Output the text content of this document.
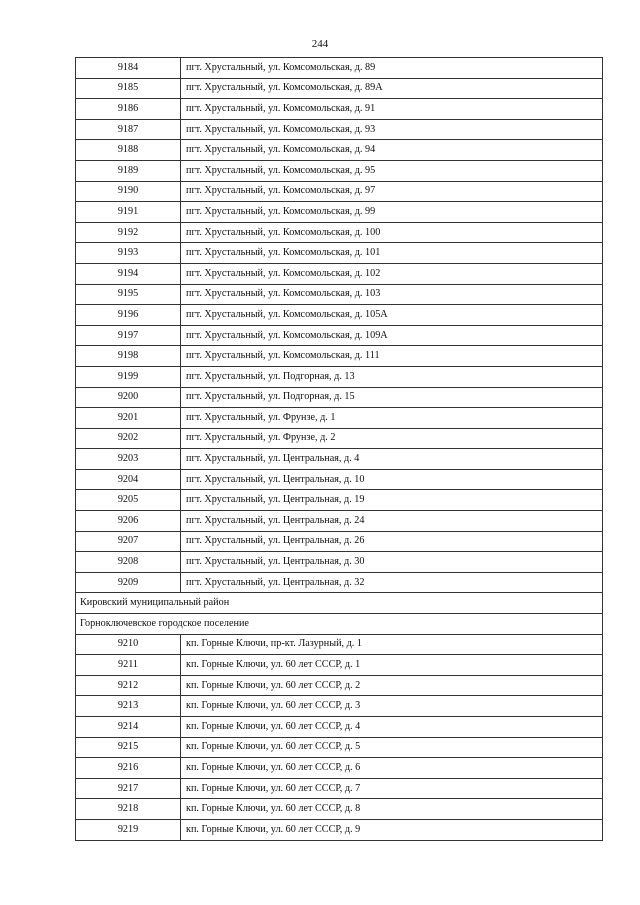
244
9184	пгт. Хрустальный, ул. Комсомольская, д. 89
9185	пгт. Хрустальный, ул. Комсомольская, д. 89А
9186	пгт. Хрустальный, ул. Комсомольская, д. 91
9187	пгт. Хрустальный, ул. Комсомольская, д. 93
9188	пгт. Хрустальный, ул. Комсомольская, д. 94
9189	пгт. Хрустальный, ул. Комсомольская, д. 95
9190	пгт. Хрустальный, ул. Комсомольская, д. 97
9191	пгт. Хрустальный, ул. Комсомольская, д. 99
9192	пгт. Хрустальный, ул. Комсомольская, д. 100
9193	пгт. Хрустальный, ул. Комсомольская, д. 101
9194	пгт. Хрустальный, ул. Комсомольская, д. 102
9195	пгт. Хрустальный, ул. Комсомольская, д. 103
9196	пгт. Хрустальный, ул. Комсомольская, д. 105А
9197	пгт. Хрустальный, ул. Комсомольская, д. 109А
9198	пгт. Хрустальный, ул. Комсомольская, д. 111
9199	пгт. Хрустальный, ул. Подгорная, д. 13
9200	пгт. Хрустальный, ул. Подгорная, д. 15
9201	пгт. Хрустальный, ул. Фрунзе, д. 1
9202	пгт. Хрустальный, ул. Фрунзе, д. 2
9203	пгт. Хрустальный, ул. Центральная, д. 4
9204	пгт. Хрустальный, ул. Центральная, д. 10
9205	пгт. Хрустальный, ул. Центральная, д. 19
9206	пгт. Хрустальный, ул. Центральная, д. 24
9207	пгт. Хрустальный, ул. Центральная, д. 26
9208	пгт. Хрустальный, ул. Центральная, д. 30
9209	пгт. Хрустальный, ул. Центральная, д. 32
Кировский муниципальный район	
Горноключевское городское поселение	
9210	кп. Горные Ключи, пр-кт. Лазурный, д. 1
9211	кп. Горные Ключи, ул. 60 лет СССР, д. 1
9212	кп. Горные Ключи, ул. 60 лет СССР, д. 2
9213	кп. Горные Ключи, ул. 60 лет СССР, д. 3
9214	кп. Горные Ключи, ул. 60 лет СССР, д. 4
9215	кп. Горные Ключи, ул. 60 лет СССР, д. 5
9216	кп. Горные Ключи, ул. 60 лет СССР, д. 6
9217	кп. Горные Ключи, ул. 60 лет СССР, д. 7
9218	кп. Горные Ключи, ул. 60 лет СССР, д. 8
9219	кп. Горные Ключи, ул. 60 лет СССР, д. 9
